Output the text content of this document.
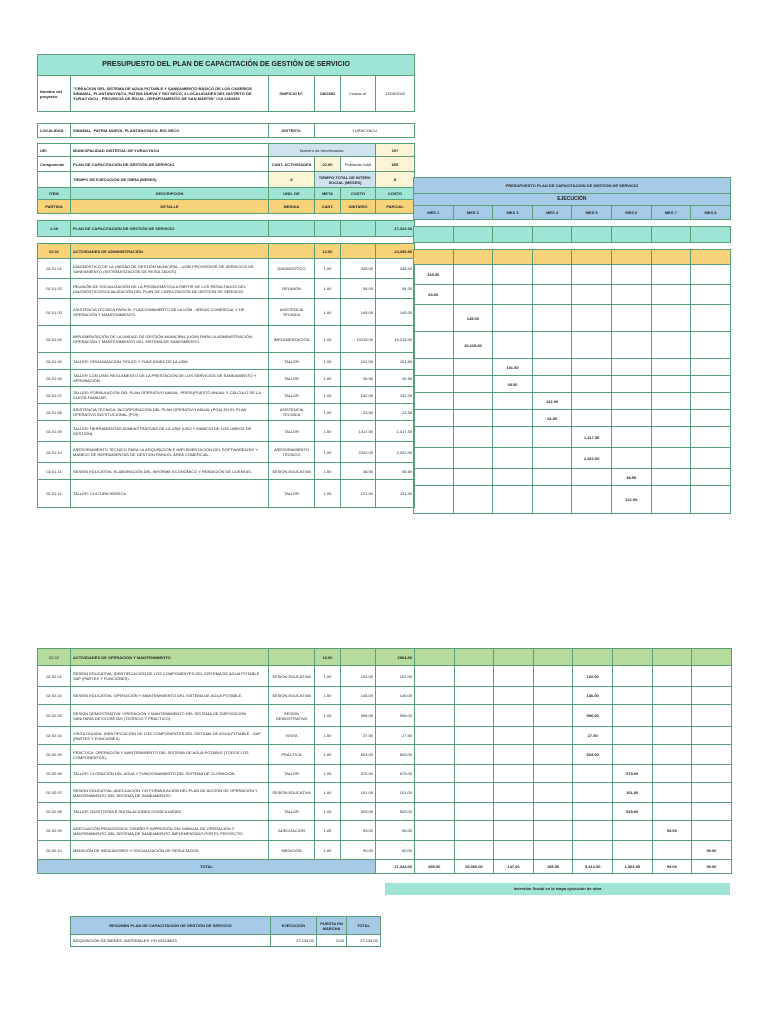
PRESUPUESTO DEL PLAN DE CAPACITACIÓN DE GESTIÓN DE SERVICIO					
Nombre del proyecto:	"CREACION DEL SISTEMA DE AGUA POTABLE Y SANEAMIENTO BÁSICO DE LOS CASERIOS SINAMAL, PLANTANOYACU, PATRIA NUEVA Y RIO SECO, 4 LOCALIDADES DEL DISTRITO DE YURACYACU - PROVINCIA DE RIOJA - DEPARTAMENTO DE SAN MARTIN" CUI 2463392	SNIP/CUI N°:	2463392	Costos al:	12/09/2022

LOCALIDAD :	SINAMAL, PATRIA NUEVA, PLANTANOYACU, RIO SECO	DISTRITO:	YURACYACU		

UEI	MUNICIPALIDAD DISTRITAL DE YURACYACU	Numero de beneficiarios:			207
Componente	PLAN DE CAPACITACIÓN DE GESTIÓN DE SERVICIO	CANT. ACTIVIDADES	22.00	Población total	695
	TIEMPO DE EJECUCIÓN DE OBRA (MESES)	8	TIEMPO TOTAL DE INTERV. SOCIAL (MESES)		8
ITEM	DESCRIPCIÓN	UND. DE	META	COSTO	COSTO
PARTIDA	DETALLE	MEDIDA	CANT.	UNITARIO	PARCIAL

2.08	PLAN DE CAPACITACIÓN DE GESTIÓN DE SERVICIO				27,324.00

02.01	ACTIVIDADES DE ADMINISTRACIÓN		12.00		24,359.50
02.01.01	DIAGNÓSTICO DE LA UNIDAD DE GESTIÓN MUNICIPAL - UGM PROVEEDOR DE SERVICIOS DE SANEAMIENTO (SISTEMATIZACIÓN DE RESULTADOS).	DIAGNÓSTICO	1.00	345.00	345.00
02.01.02	REUNIÓN DE SOCIALIZACIÓN DE LA PROBLEMÁTICA A PARTIR DE LOS RESULTADOS DEL DIAGNÓSTICO/SOCIALIZACIÓN DEL PLAN DE CAPACITACIÓN DE GESTIÓN DE SERVICIO.	REUNIÓN	1.00	54.00	54.00
02.01.03	ASISTENCIA TÉCNICA PARA EL FUNCIONAMIENTO DE LA USM - ÁREAS COMERCIAL Y DE OPERACIÓN Y MANTENIMIENTO.	ASISTENCIA TÉCNICA	1.00	145.00	145.00
02.01.04	IMPLEMENTACIÓN DE LA UNIDAD DE GESTIÓN MUNICIPAL (UGM) PARA LA ADMINISTRACIÓN, OPERACIÓN Y MANTENIMIENTO DEL SISTEMA DE SANEAMIENTO.	IMPLEMENTACIÓN	1.00	19215.00	19,215.00
02.01.05	TALLER: ORGANIZACIÓN, ROLES Y FUNCIONES DE LA USM.	TALLER	1.00	101.50	101.50
02.01.06	TALLER CON USM: REGLAMENTO DE LA PRESTACIÓN DE LOS SERVICIOS DE SANEAMIENTO Y APROBACIÓN.	TALLER	1.00	45.50	45.50
02.01.07	TALLER: FORMULACIÓN DEL PLAN OPERATIVO ANUAL, PRESUPUESTO ANUAL Y CÁLCULO DE LA CUOTA FAMILIAR.	TALLER	1.00	132.00	132.00
02.01.08	ASISTENCIA TÉCNICA: INCORPORACIÓN DEL PLAN OPERATIVO ANUAL (POA) EN EL PLAN OPERATIVO INSTITUCIONAL (POI).	ASISTENCIA TÉCNICA	1.00	23.50	23.50
02.01.09	TALLER: HERRAMIENTAS ADMINISTRATIVAS DE LA USM (USO Y MANEJO DE LOS LIBROS DE GESTIÓN).	TALLER	1.00	1417.50	1,417.50
02.01.10	ASESORAMIENTO TÉCNICO PARA LA ADQUISICIÓN E IMPLEMENTACIÓN DEL SOFTWARE/USO Y MANEJO DE HERRAMIENTAS DE GESTIÓN PARA EL ÁREA COMERCIAL.	ASESORAMIENTO TÉCNICO	1.00	2322.00	2,322.00
02.01.11	SESIÓN EDUCATIVA: ELABORACIÓN DEL INFORME ECONÓMICO Y RENDICIÓN DE CUENTAS.	SESIÓN EDUCATIVA	1.00	38.50	38.50
02.01.12	TALLER: CULTURA HÍDRICA	TALLER	1.00	121.00	121.00
PRESUPUESTO PLAN DE CAPACITACIÓN DE GESTIÓN DE SERVICIO							
EJECUCIÓN							
MES 1	MES 2	MES 3	MES 4	MES 5	MES 6	MES 7	MES 8

345.00							
54.00							
	145.00						
	19,215.00						
		101.50					
		45.50					
			132.00				
			23.50				
				1,417.50			
				2,322.00			
					38.50		
					121.00		
02.02	ACTIVIDADES DE OPERACIÓN Y MANTENIMIENTO		10.00		2964.50								
02.02.01	SESIÓN EDUCATIVA: IDENTIFICACIÓN DE LOS COMPONENTES DEL SISTEMA DE AGUA POTABLE SAP (PARTES Y FUNCIONES).	SESIÓN EDUCATIVA	1.00	102.00	102.00					102.00			
02.02.02	SESIÓN EDUCATIVA: OPERACIÓN Y MANTENIMIENTO DEL SISTEMA DE AGUA POTABLE.	SESIÓN EDUCATIVA	1.00	146.00	146.00					146.00			
02.02.03	SESIÓN DEMOSTRATIVA: OPERACIÓN Y MANTENIMIENTO DEL SISTEMA DE DISPOSICIÓN SANITARIA DE EXCRETAS (TEÓRICO Y PRÁCTICO).	SESIÓN DEMOSTRATIVA	1.00	596.00	596.00					596.00			
02.02.04	VISITA GUIADA: IDENTIFICACIÓN DE LOS COMPONENTES DEL SISTEMA DE AGUA POTABLE - SAP (PARTES Y FUNCIONES).	VISITA	1.00	27.50	27.50					27.50			
02.02.05	PRÁCTICA: OPERACIÓN Y MANTENIMIENTO DEL SISTEMA DE AGUA POTABLE (TODOS LOS COMPONENTES).	PRÁCTICA	1.00	603.00	603.00					603.00			
02.02.06	TALLER: CLORACIÓN DEL AGUA Y FUNCIONAMIENTO DEL SISTEMA DE CLORACIÓN.	TALLER	1.00	575.00	575.00						575.00		
02.02.07	SESIÓN EDUCATIVA: ADECUACIÓN Y/O FORMULACIÓN DEL PLAN DE ACCIÓN DE OPERACIÓN Y MANTENIMIENTO DEL SISTEMA DE SANEAMIENTO.	SESIÓN EDUCATIVA	1.00	101.00	101.00						101.00		
02.02.08	TALLER: GASFITERÍA E INSTALACIONES DOMICILIARIAS.	TALLER	1.00	529.00	529.00						529.00		
02.02.09	ADECUACIÓN PEDAGÓGICA, DISEÑO E IMPRESIÓN DEL MANUAL DE OPERACIÓN Y MANTENIMIENTO DEL SISTEMA DE SANEAMIENTO IMPLEMENTADO POR EL PROYECTO.	ADECUACIÓN	1.00	95.00	95.00							95.00	
02.02.10	MEDICIÓN DE INDICADORES Y SOCIALIZACIÓN DE RESULTADOS.	MEDICIÓN	1.00	90.00	90.00								90.00
TOTAL					27,324.00	399.00	19,360.00	147.00	155.50	5,414.00	1,364.50	95.00	90.00
Inversión Social en la etapa ejecución de obra
RESUMEN PLAN DE CAPACITACIÓN DE GESTIÓN DE SERVICIO	EJECUCIÓN	PUESTA EN MARCHA	TOTAL
ADQUISICIÓN DE BIENES, MATERIALES Y/O INSUMOS	27,134.00	0.00	27,134.00
